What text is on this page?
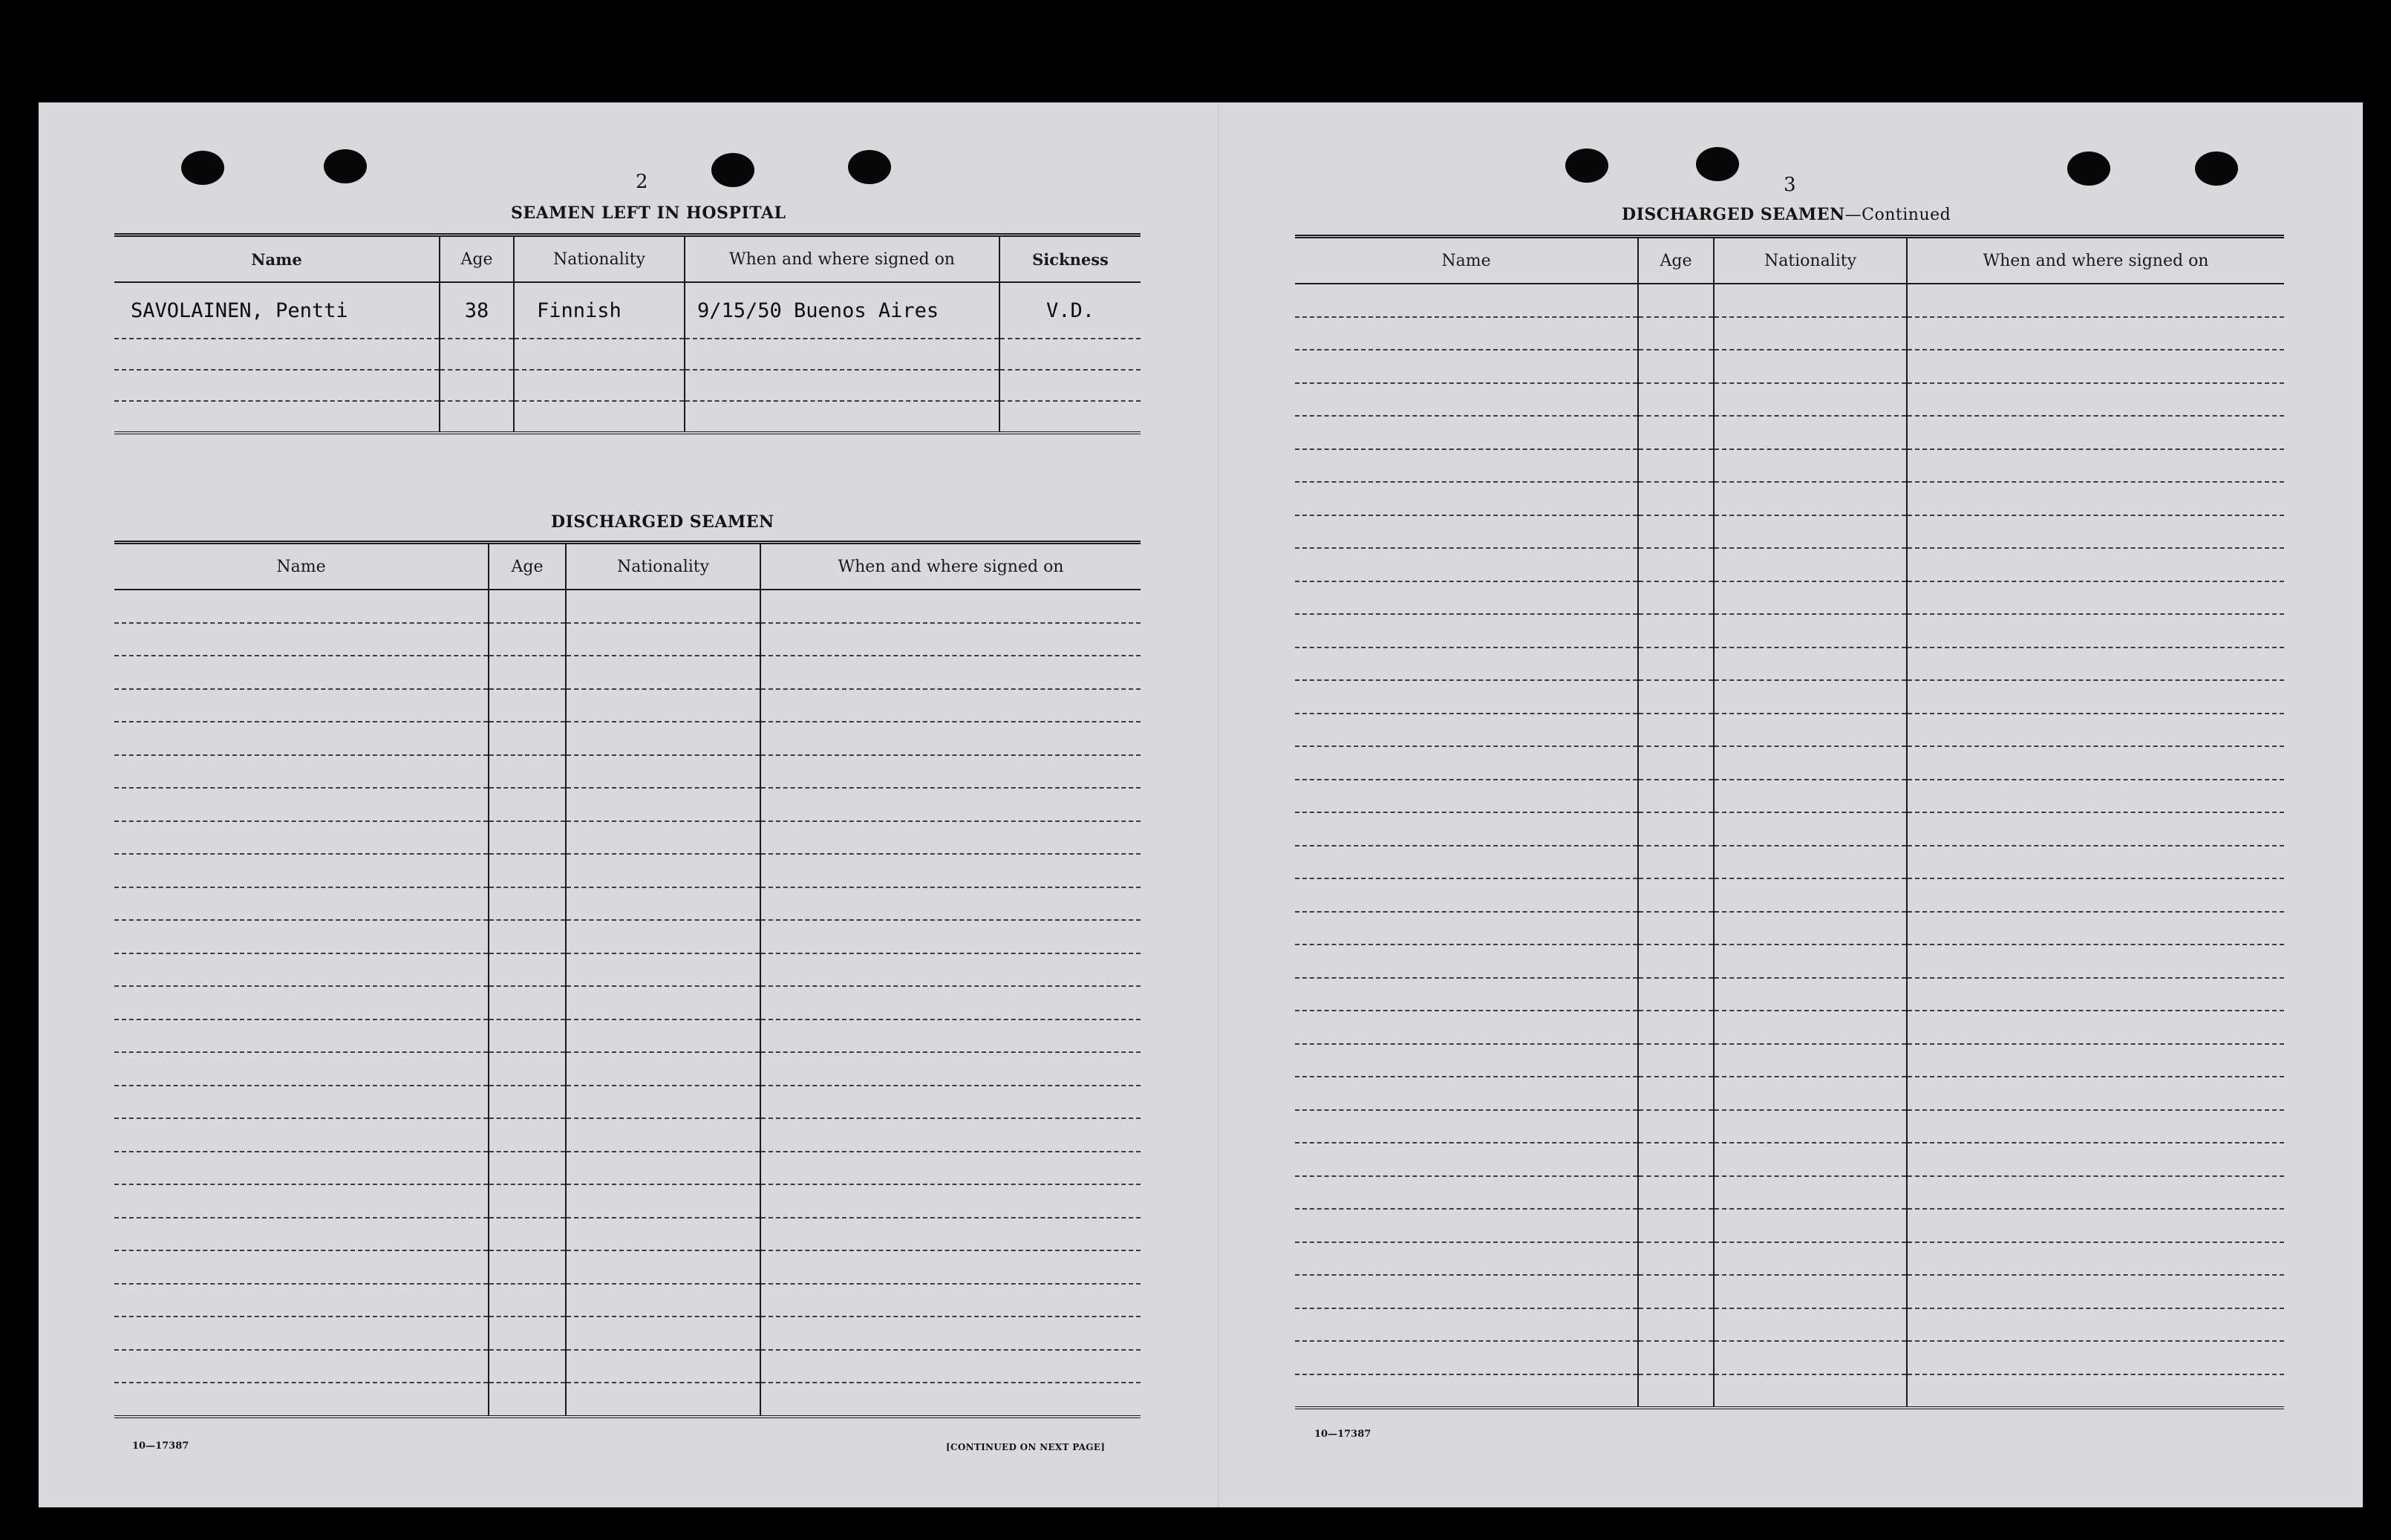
2
SEAMEN LEFT IN HOSPITAL
Name	Age	Nationality	When and where signed on	Sickness
SAVOLAINEN, Pentti	38	Finnish	9/15/50 Buenos Aires	V.D.

DISCHARGED SEAMEN
Name	Age	Nationality	When and where signed on

10—17387	[CONTINUED ON NEXT PAGE]
3
DISCHARGED SEAMEN—Continued
Name	Age	Nationality	When and where signed on

10—17387
